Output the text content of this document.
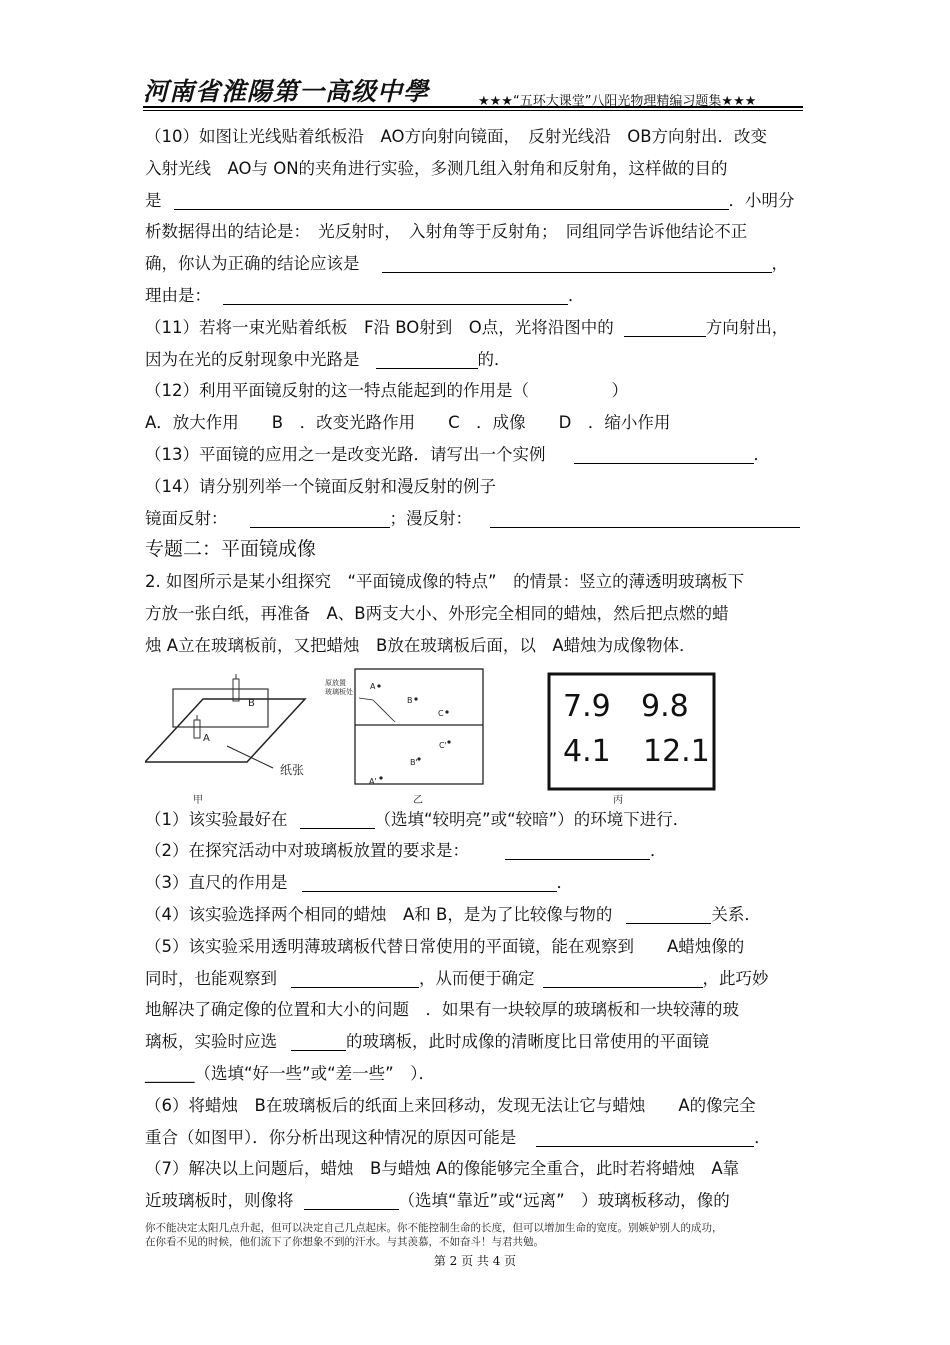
河南省淮陽第一高级中學	★★★“五环大课堂”八阳光物理精编习题集★★★
（10）如图让光线贴着纸板沿　AO方向射向镜面，　反射光线沿　OB方向射出．改变
入射光线　AO与 ON的夹角进行实验，多测几组入射角和反射角，这样做的目的
是	．小明分
析数据得出的结论是：　光反射时，　入射角等于反射角；　同组同学告诉他结论不正
确，你认为正确的结论应该是	，
理由是：	．
（11）若将一束光贴着纸板　F沿 BO射到　O点，光将沿图中的	方向射出，
因为在光的反射现象中光路是	的．
（12）利用平面镜反射的这一特点能起到的作用是（　　　　　）
A．放大作用　　B　．改变光路作用　　C　．成像　　D　．缩小作用
（13）平面镜的应用之一是改变光路．请写出一个实例	．
（14）请分别列举一个镜面反射和漫反射的例子
镜面反射：	；漫反射：
专题二：平面镜成像
2. 如图所示是某小组探究　“平面镜成像的特点”　的情景：竖立的薄透明玻璃板下
方放一张白纸，再准备　A、B两支大小、外形完全相同的蜡烛，然后把点燃的蜡
烛 A立在玻璃板前，又把蜡烛　B放在玻璃板后面，以　A蜡烛为成像物体．
A
B
纸张
甲
原放置
玻璃板处
A
B
C
C'
B'
A'
乙
7.9 9.8
4.1 12.1
丙
（1）该实验最好在	（选填“较明亮”或“较暗”）的环境下进行．
（2）在探究活动中对玻璃板放置的要求是：	．
（3）直尺的作用是	．
（4）该实验选择两个相同的蜡烛　A和 B，是为了比较像与物的	关系．
（5）该实验采用透明薄玻璃板代替日常使用的平面镜，能在观察到　　A蜡烛像的
同时，也能观察到	，从而便于确定	，此巧妙
地解决了确定像的位置和大小的问题　．如果有一块较厚的玻璃板和一块较薄的玻
璃板，实验时应选	的玻璃板，此时成像的清晰度比日常使用的平面镜
______（选填“好一些”或“差一些”　）．
（6）将蜡烛　B在玻璃板后的纸面上来回移动，发现无法让它与蜡烛　　A的像完全
重合（如图甲）．你分析出现这种情况的原因可能是	．
（7）解决以上问题后，蜡烛　B与蜡烛 A的像能够完全重合，此时若将蜡烛　A靠
近玻璃板时，则像将	（选填“靠近”或“远离”　）玻璃板移动，像的
你不能决定太阳几点升起，但可以决定自己几点起床。你不能控制生命的长度，但可以增加生命的宽度。别嫉妒别人的成功，
在你看不见的时候，他们流下了你想象不到的汗水。与其羡慕，不如奋斗！与君共勉。
第 2 页 共 4 页
